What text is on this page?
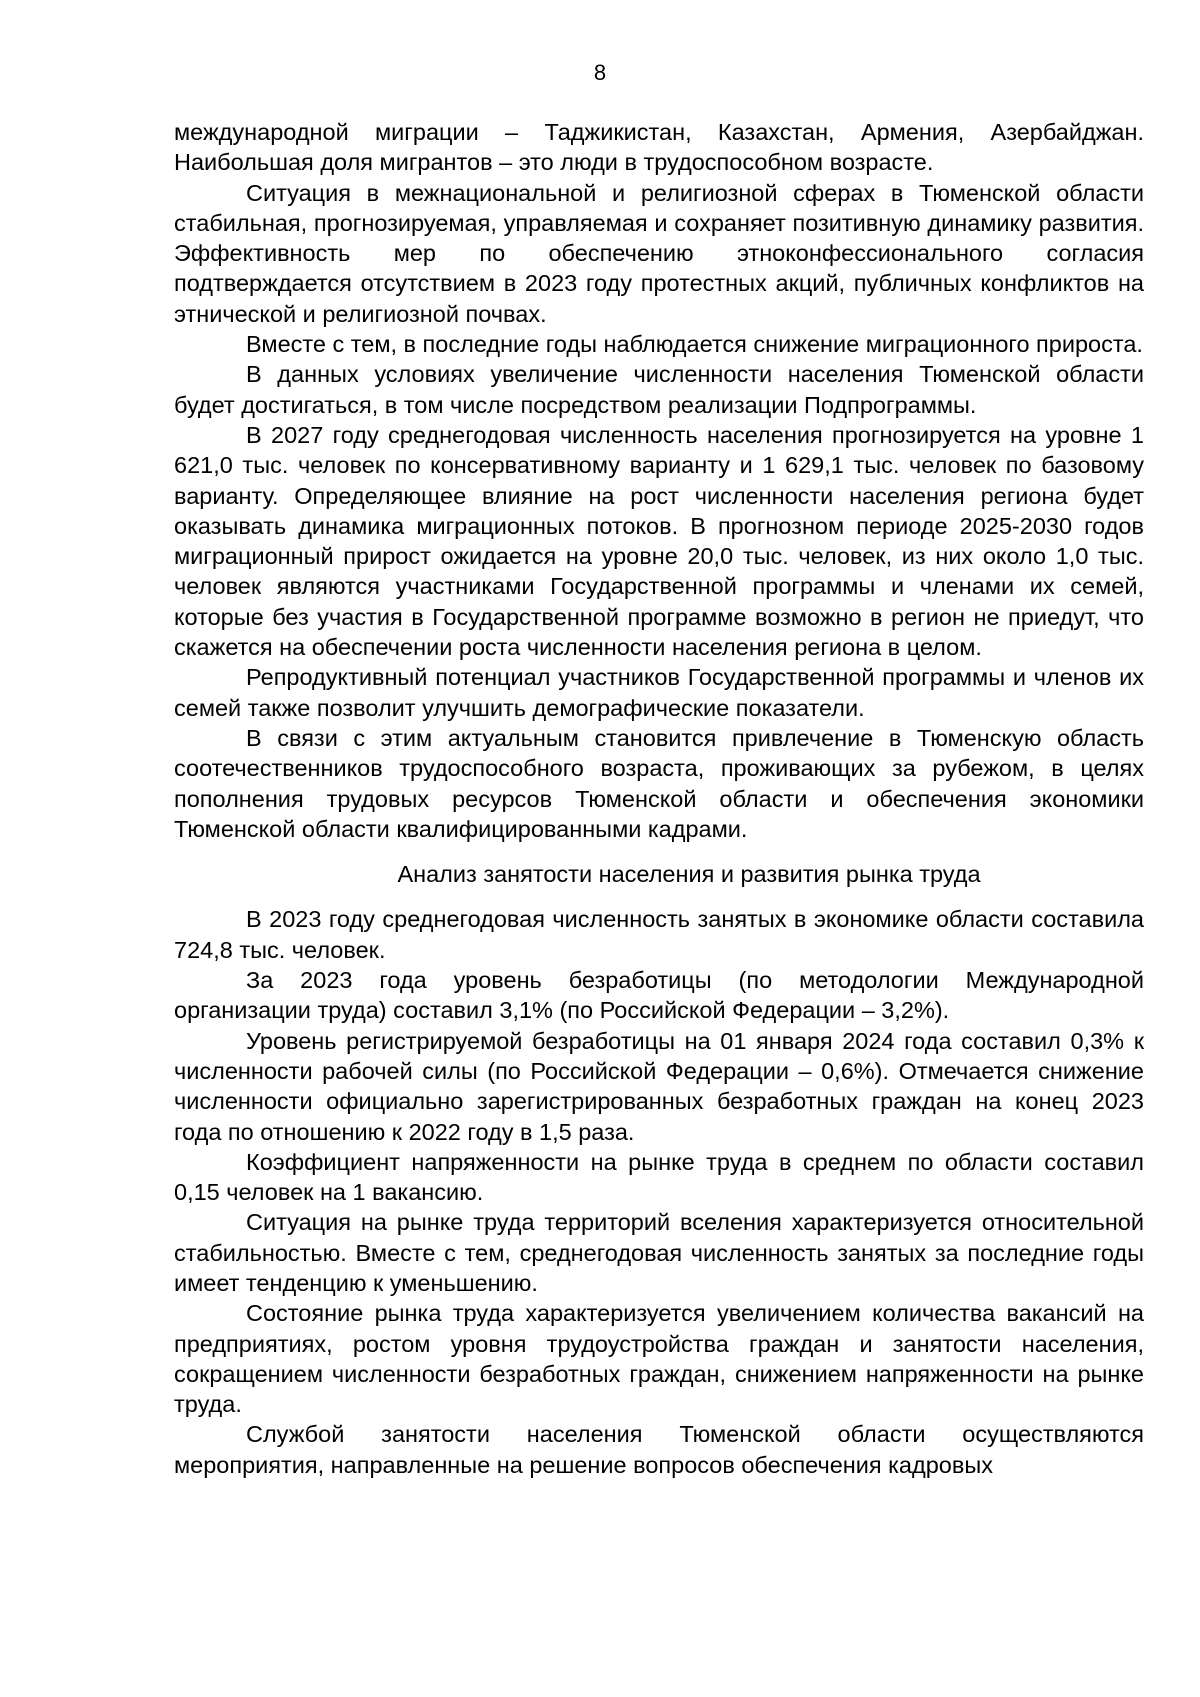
8

международной миграции – Таджикистан, Казахстан, Армения, Азербайджан. Наибольшая доля мигрантов – это люди в трудоспособном возрасте.

Ситуация в межнациональной и религиозной сферах в Тюменской области стабильная, прогнозируемая, управляемая и сохраняет позитивную динамику развития. Эффективность мер по обеспечению этноконфессионального согласия подтверждается отсутствием в 2023 году протестных акций, публичных конфликтов на этнической и религиозной почвах.

Вместе с тем, в последние годы наблюдается снижение миграционного прироста.

В данных условиях увеличение численности населения Тюменской области будет достигаться, в том числе посредством реализации Подпрограммы.

В 2027 году среднегодовая численность населения прогнозируется на уровне 1 621,0 тыс. человек по консервативному варианту и 1 629,1 тыс. человек по базовому варианту. Определяющее влияние на рост численности населения региона будет оказывать динамика миграционных потоков. В прогнозном периоде 2025-2030 годов миграционный прирост ожидается на уровне 20,0 тыс. человек, из них около 1,0 тыс. человек являются участниками Государственной программы и членами их семей, которые без участия в Государственной программе возможно в регион не приедут, что скажется на обеспечении роста численности населения региона в целом.

Репродуктивный потенциал участников Государственной программы и членов их семей также позволит улучшить демографические показатели.

В связи с этим актуальным становится привлечение в Тюменскую область соотечественников трудоспособного возраста, проживающих за рубежом, в целях пополнения трудовых ресурсов Тюменской области и обеспечения экономики Тюменской области квалифицированными кадрами.

Анализ занятости населения и развития рынка труда

В 2023 году среднегодовая численность занятых в экономике области составила 724,8 тыс. человек.

За 2023 года уровень безработицы (по методологии Международной организации труда) составил 3,1% (по Российской Федерации – 3,2%).

Уровень регистрируемой безработицы на 01 января 2024 года составил 0,3% к численности рабочей силы (по Российской Федерации – 0,6%). Отмечается снижение численности официально зарегистрированных безработных граждан на конец 2023 года по отношению к 2022 году в 1,5 раза.

Коэффициент напряженности на рынке труда в среднем по области составил 0,15 человек на 1 вакансию.

Ситуация на рынке труда территорий вселения характеризуется относительной стабильностью. Вместе с тем, среднегодовая численность занятых за последние годы имеет тенденцию к уменьшению.

Состояние рынка труда характеризуется увеличением количества вакансий на предприятиях, ростом уровня трудоустройства граждан и занятости населения, сокращением численности безработных граждан, снижением напряженности на рынке труда.

Службой занятости населения Тюменской области осуществляются мероприятия, направленные на решение вопросов обеспечения кадровых
